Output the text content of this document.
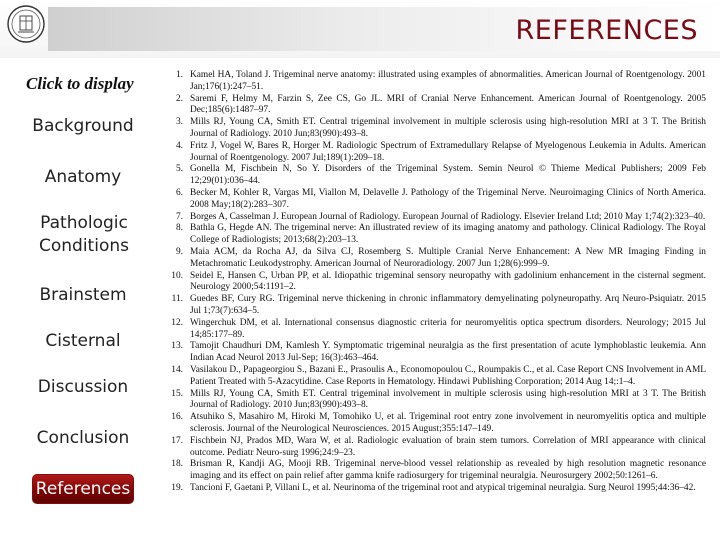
REFERENCES
Click to display
Background
Anatomy
Pathologic Conditions
Brainstem
Cisternal
Discussion
Conclusion
References
1. Kamel HA, Toland J. Trigeminal nerve anatomy: illustrated using examples of abnormalities. American Journal of Roentgenology. 2001 Jan;176(1):247–51.
2. Saremi F, Helmy M, Farzin S, Zee CS, Go JL. MRI of Cranial Nerve Enhancement. American Journal of Roentgenology. 2005 Dec;185(6):1487–97.
3. Mills RJ, Young CA, Smith ET. Central trigeminal involvement in multiple sclerosis using high-resolution MRI at 3 T. The British Journal of Radiology. 2010 Jun;83(990):493–8.
4. Fritz J, Vogel W, Bares R, Horger M. Radiologic Spectrum of Extramedullary Relapse of Myelogenous Leukemia in Adults. American Journal of Roentgenology. 2007 Jul;189(1):209–18.
5. Gonella M, Fischbein N, So Y. Disorders of the Trigeminal System. Semin Neurol © Thieme Medical Publishers; 2009 Feb 12;29(01):036–44.
6. Becker M, Kohler R, Vargas MI, Viallon M, Delavelle J. Pathology of the Trigeminal Nerve. Neuroimaging Clinics of North America. 2008 May;18(2):283–307.
7. Borges A, Casselman J. European Journal of Radiology. European Journal of Radiology. Elsevier Ireland Ltd; 2010 May 1;74(2):323–40.
8. Bathla G, Hegde AN. The trigeminal nerve: An illustrated review of its imaging anatomy and pathology. Clinical Radiology. The Royal College of Radiologists; 2013;68(2):203–13.
9. Maia ACM, da Rocha AJ, da Silva CJ, Rosemberg S. Multiple Cranial Nerve Enhancement: A New MR Imaging Finding in Metachromatic Leukodystrophy. American Journal of Neuroradiology. 2007 Jun 1;28(6):999–9.
10. Seidel E, Hansen C, Urban PP, et al. Idiopathic trigeminal sensory neuropathy with gadolinium enhancement in the cisternal segment. Neurology 2000;54:1191–2.
11. Guedes BF, Cury RG. Trigeminal nerve thickening in chronic inflammatory demyelinating polyneuropathy. Arq Neuro-Psiquiatr. 2015 Jul 1;73(7):634–5.
12. Wingerchuk DM, et al. International consensus diagnostic criteria for neuromyelitis optica spectrum disorders. Neurology; 2015 Jul 14;85:177–89.
13. Tamojit Chaudhuri DM, Kamlesh Y. Symptomatic trigeminal neuralgia as the first presentation of acute lymphoblastic leukemia. Ann Indian Acad Neurol 2013 Jul-Sep; 16(3):463–464.
14. Vasilakou D., Papageorgiou S., Bazani E., Prasoulis A., Economopoulou C., Roumpakis C., et al. Case Report CNS Involvement in AML Patient Treated with 5-Azacytidine. Case Reports in Hematology. Hindawi Publishing Corporation; 2014 Aug 14;:1–4.
15. Mills RJ, Young CA, Smith ET. Central trigeminal involvement in multiple sclerosis using high-resolution MRI at 3 T. The British Journal of Radiology. 2010 Jun;83(990):493–8.
16. Atsuhiko S, Masahiro M, Hiroki M, Tomohiko U, et al. Trigeminal root entry zone involvement in neuromyelitis optica and multiple sclerosis. Journal of the Neurological Neurosciences. 2015 August;355:147–149.
17. Fischbein NJ, Prados MD, Wara W, et al. Radiologic evaluation of brain stem tumors. Correlation of MRI appearance with clinical outcome. Pediatr Neuro-surg 1996;24:9–23.
18. Brisman R, Kandji AG, Mooji RB. Trigeminal nerve-blood vessel relationship as revealed by high resolution magnetic resonance imaging and its effect on pain relief after gamma knife radiosurgery for trigeminal neuralgia. Neurosurgery 2002;50:1261–6.
19. Tancioni F, Gaetani P, Villani L, et al. Neurinoma of the trigeminal root and atypical trigeminal neuralgia. Surg Neurol 1995;44:36–42.
